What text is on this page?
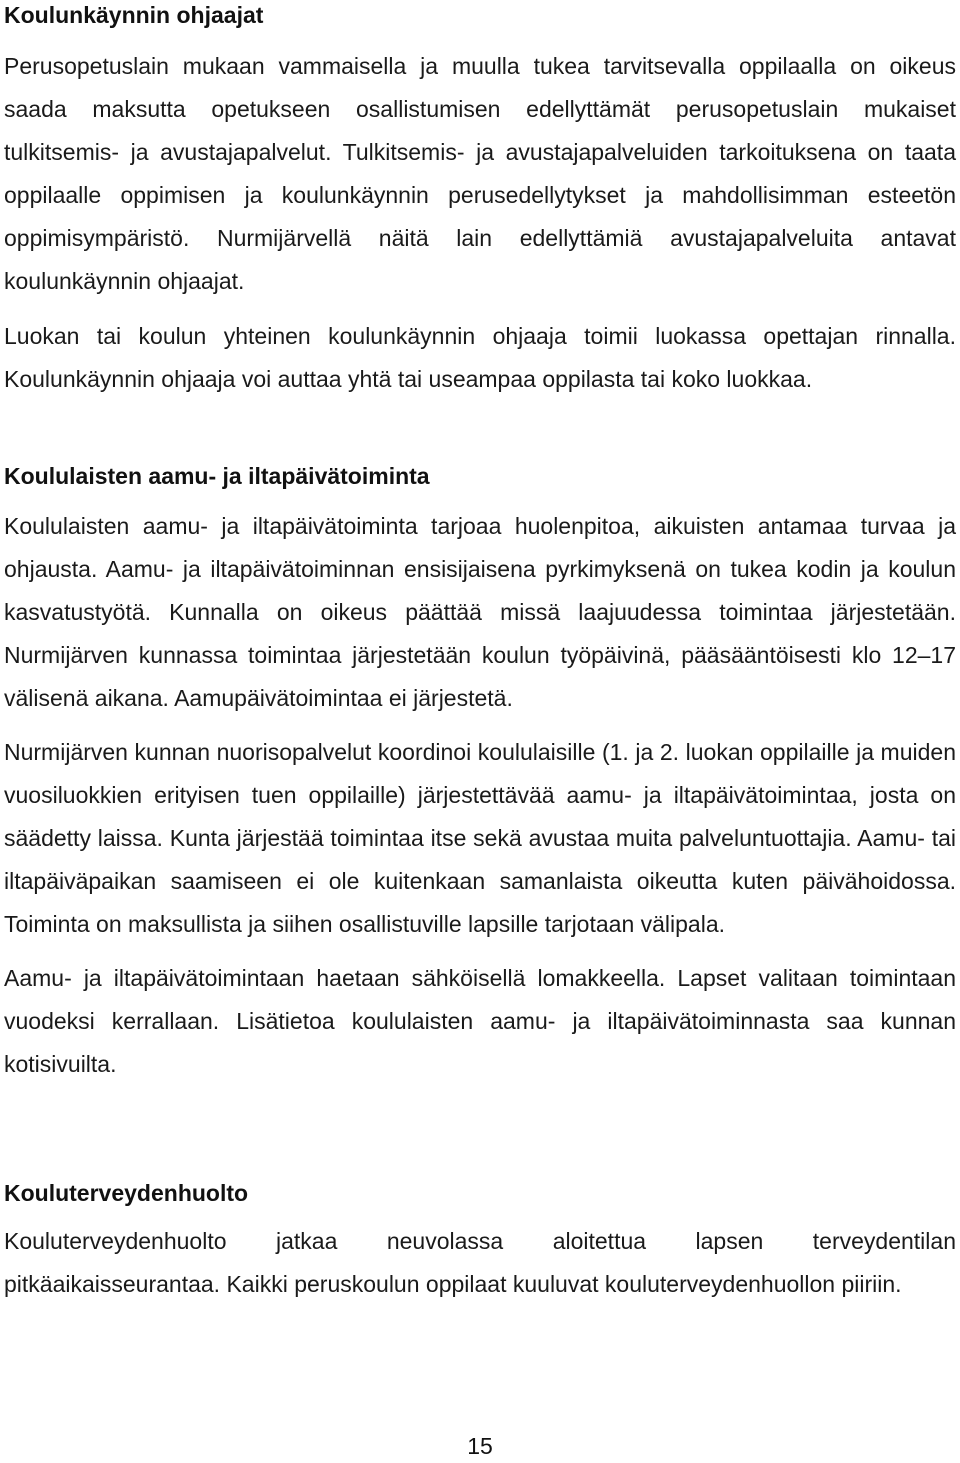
Koulunkäynnin ohjaajat

Perusopetuslain mukaan vammaisella ja muulla tukea tarvitsevalla oppilaalla on oikeus saada maksutta opetukseen osallistumisen edellyttämät perusopetuslain mukaiset tulkitsemis- ja avustajapalvelut. Tulkitsemis- ja avustajapalveluiden tarkoituksena on taata oppilaalle oppimisen ja koulunkäynnin perusedellytykset ja mahdollisimman esteetön oppimisympäristö. Nurmijärvellä näitä lain edellyttämiä avustajapalveluita antavat koulunkäynnin ohjaajat.

Luokan tai koulun yhteinen koulunkäynnin ohjaaja toimii luokassa opettajan rinnalla. Koulunkäynnin ohjaaja voi auttaa yhtä tai useampaa oppilasta tai koko luokkaa.

Koululaisten aamu- ja iltapäivätoiminta

Koululaisten aamu- ja iltapäivätoiminta tarjoaa huolenpitoa, aikuisten antamaa turvaa ja ohjausta. Aamu- ja iltapäivätoiminnan ensisijaisena pyrkimyksenä on tukea kodin ja koulun kasvatustyötä. Kunnalla on oikeus päättää missä laajuudessa toimintaa järjestetään. Nurmijärven kunnassa toimintaa järjestetään koulun työpäivinä, pääsääntöisesti klo 12–17 välisenä aikana. Aamupäivätoimintaa ei järjestetä.

Nurmijärven kunnan nuorisopalvelut koordinoi koululaisille (1. ja 2. luokan oppilaille ja muiden vuosiluokkien erityisen tuen oppilaille) järjestettävää aamu- ja iltapäivätoimintaa, josta on säädetty laissa. Kunta järjestää toimintaa itse sekä avustaa muita palveluntuottajia. Aamu- tai iltapäiväpaikan saamiseen ei ole kuitenkaan samanlaista oikeutta kuten päivähoidossa. Toiminta on maksullista ja siihen osallistuville lapsille tarjotaan välipala.

Aamu- ja iltapäivätoimintaan haetaan sähköisellä lomakkeella. Lapset valitaan toimintaan vuodeksi kerrallaan. Lisätietoa koululaisten aamu- ja iltapäivätoiminnasta saa kunnan kotisivuilta.

Kouluterveydenhuolto

Kouluterveydenhuolto jatkaa neuvolassa aloitettua lapsen terveydentilan pitkäaikaisseurantaa. Kaikki peruskoulun oppilaat kuuluvat kouluterveydenhuollon piiriin.

15
